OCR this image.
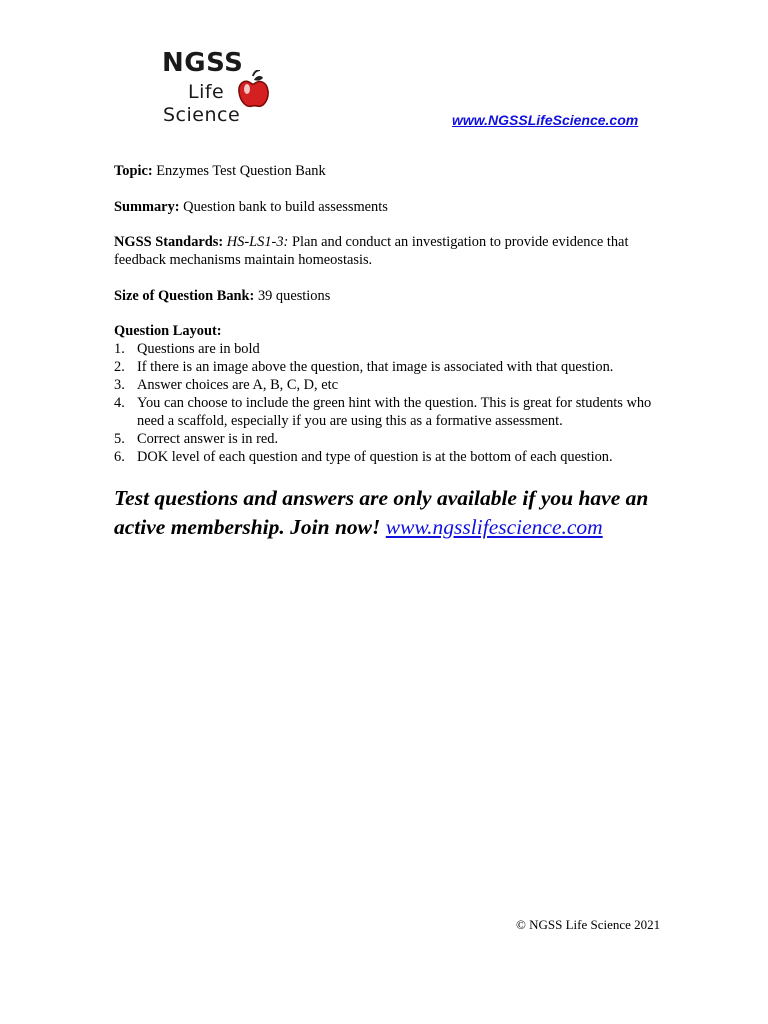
NGSS
Life
Science	www.NGSSLifeScience.com
Topic: Enzymes Test Question Bank
Summary: Question bank to build assessments
NGSS Standards: HS-LS1-3: Plan and conduct an investigation to provide evidence that feedback mechanisms maintain homeostasis.
Size of Question Bank: 39 questions
Question Layout:
1. Questions are in bold
2. If there is an image above the question, that image is associated with that question.
3. Answer choices are A, B, C, D, etc
4. You can choose to include the green hint with the question. This is great for students who need a scaffold, especially if you are using this as a formative assessment.
5. Correct answer is in red.
6. DOK level of each question and type of question is at the bottom of each question.
Test questions and answers are only available if you have an active membership. Join now! www.ngsslifescience.com
© NGSS Life Science 2021
